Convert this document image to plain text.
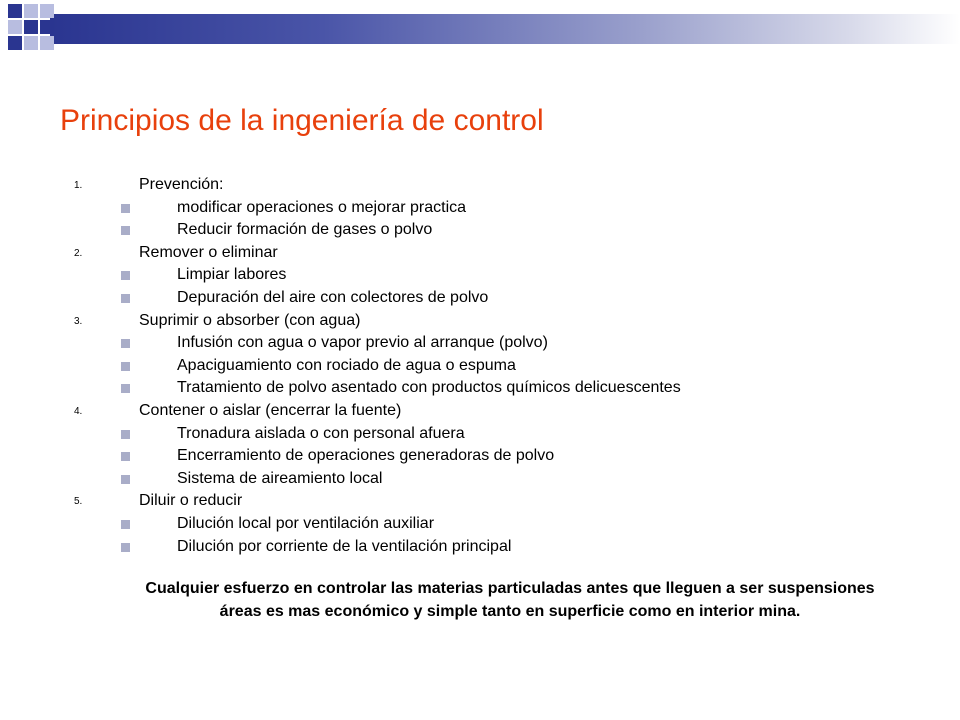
Principios de la ingeniería de control
1.	Prevención:
modificar operaciones o mejorar practica
Reducir formación de gases o polvo
2.	Remover o eliminar
Limpiar labores
Depuración del aire con colectores de polvo
3.	Suprimir o absorber (con agua)
Infusión con agua o vapor previo al arranque (polvo)
Apaciguamiento con rociado de agua o espuma
Tratamiento de polvo asentado con productos químicos delicuescentes
4.	Contener o aislar (encerrar la fuente)
Tronadura aislada o con personal afuera
Encerramiento de operaciones generadoras de polvo
Sistema de aireamiento local
5.	Diluir o reducir
Dilución local por ventilación auxiliar
Dilución por corriente de la ventilación principal
Cualquier esfuerzo en controlar las materias particuladas antes que lleguen a ser suspensiones áreas es mas económico y simple tanto en superficie como en interior mina.
